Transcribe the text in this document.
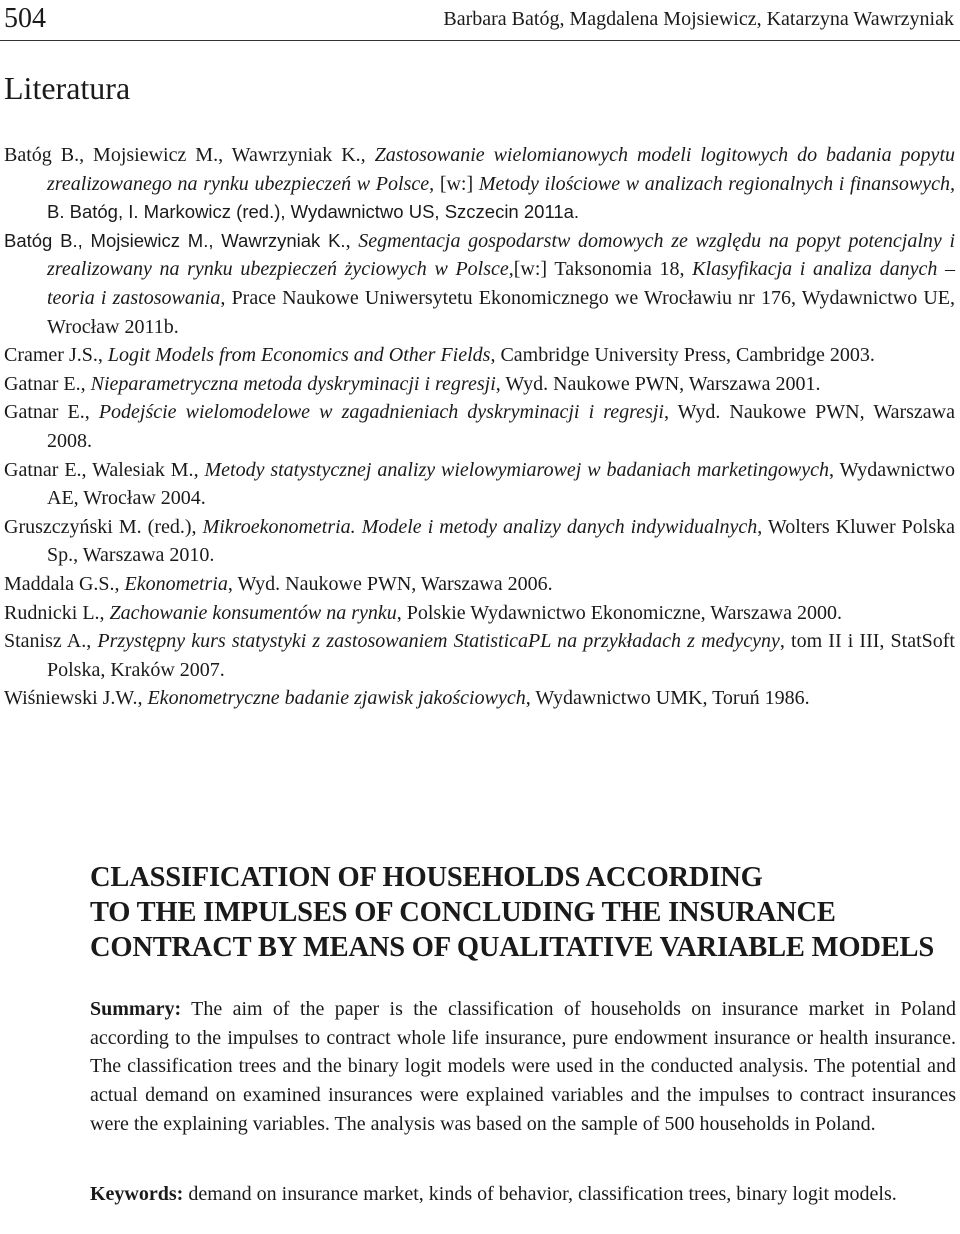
504	Barbara Batóg, Magdalena Mojsiewicz, Katarzyna Wawrzyniak
Literatura

Batóg B., Mojsiewicz M., Wawrzyniak K., Zastosowanie wielomianowych modeli logitowych do badania popytu zrealizowanego na rynku ubezpieczeń w Polsce, [w:] Metody ilościowe w analizach regionalnych i finansowych, B. Batóg, I. Markowicz (red.), Wydawnictwo US, Szczecin 2011a.

Batóg B., Mojsiewicz M., Wawrzyniak K., Segmentacja gospodarstw domowych ze względu na popyt potencjalny i zrealizowany na rynku ubezpieczeń życiowych w Polsce,[w:] Taksonomia 18, Klasyfikacja i analiza danych – teoria i zastosowania, Prace Naukowe Uniwersytetu Ekonomicznego we Wrocławiu nr 176, Wydawnictwo UE, Wrocław 2011b.

Cramer J.S., Logit Models from Economics and Other Fields, Cambridge University Press, Cambridge 2003.

Gatnar E., Nieparametryczna metoda dyskryminacji i regresji, Wyd. Naukowe PWN, Warszawa 2001.

Gatnar E., Podejście wielomodelowe w zagadnieniach dyskryminacji i regresji, Wyd. Naukowe PWN, Warszawa 2008.

Gatnar E., Walesiak M., Metody statystycznej analizy wielowymiarowej w badaniach marketingowych, Wydawnictwo AE, Wrocław 2004.

Gruszczyński M. (red.), Mikroekonometria. Modele i metody analizy danych indywidualnych, Wolters Kluwer Polska Sp., Warszawa 2010.

Maddala G.S., Ekonometria, Wyd. Naukowe PWN, Warszawa 2006.

Rudnicki L., Zachowanie konsumentów na rynku, Polskie Wydawnictwo Ekonomiczne, Warszawa 2000.

Stanisz A., Przystępny kurs statystyki z zastosowaniem StatisticaPL na przykładach z medycyny, tom II i III, StatSoft Polska, Kraków 2007.

Wiśniewski J.W., Ekonometryczne badanie zjawisk jakościowych, Wydawnictwo UMK, Toruń 1986.

CLASSIFICATION OF HOUSEHOLDS ACCORDING
TO THE IMPULSES OF CONCLUDING THE INSURANCE
CONTRACT BY MEANS OF QUALITATIVE VARIABLE MODELS

Summary: The aim of the paper is the classification of households on insurance market in Poland according to the impulses to contract whole life insurance, pure endowment insurance or health insurance. The classification trees and the binary logit models were used in the conducted analysis. The potential and actual demand on examined insurances were explained variables and the impulses to contract insurances were the explaining variables. The analysis was based on the sample of 500 households in Poland.

Keywords: demand on insurance market, kinds of behavior, classification trees, binary logit models.
